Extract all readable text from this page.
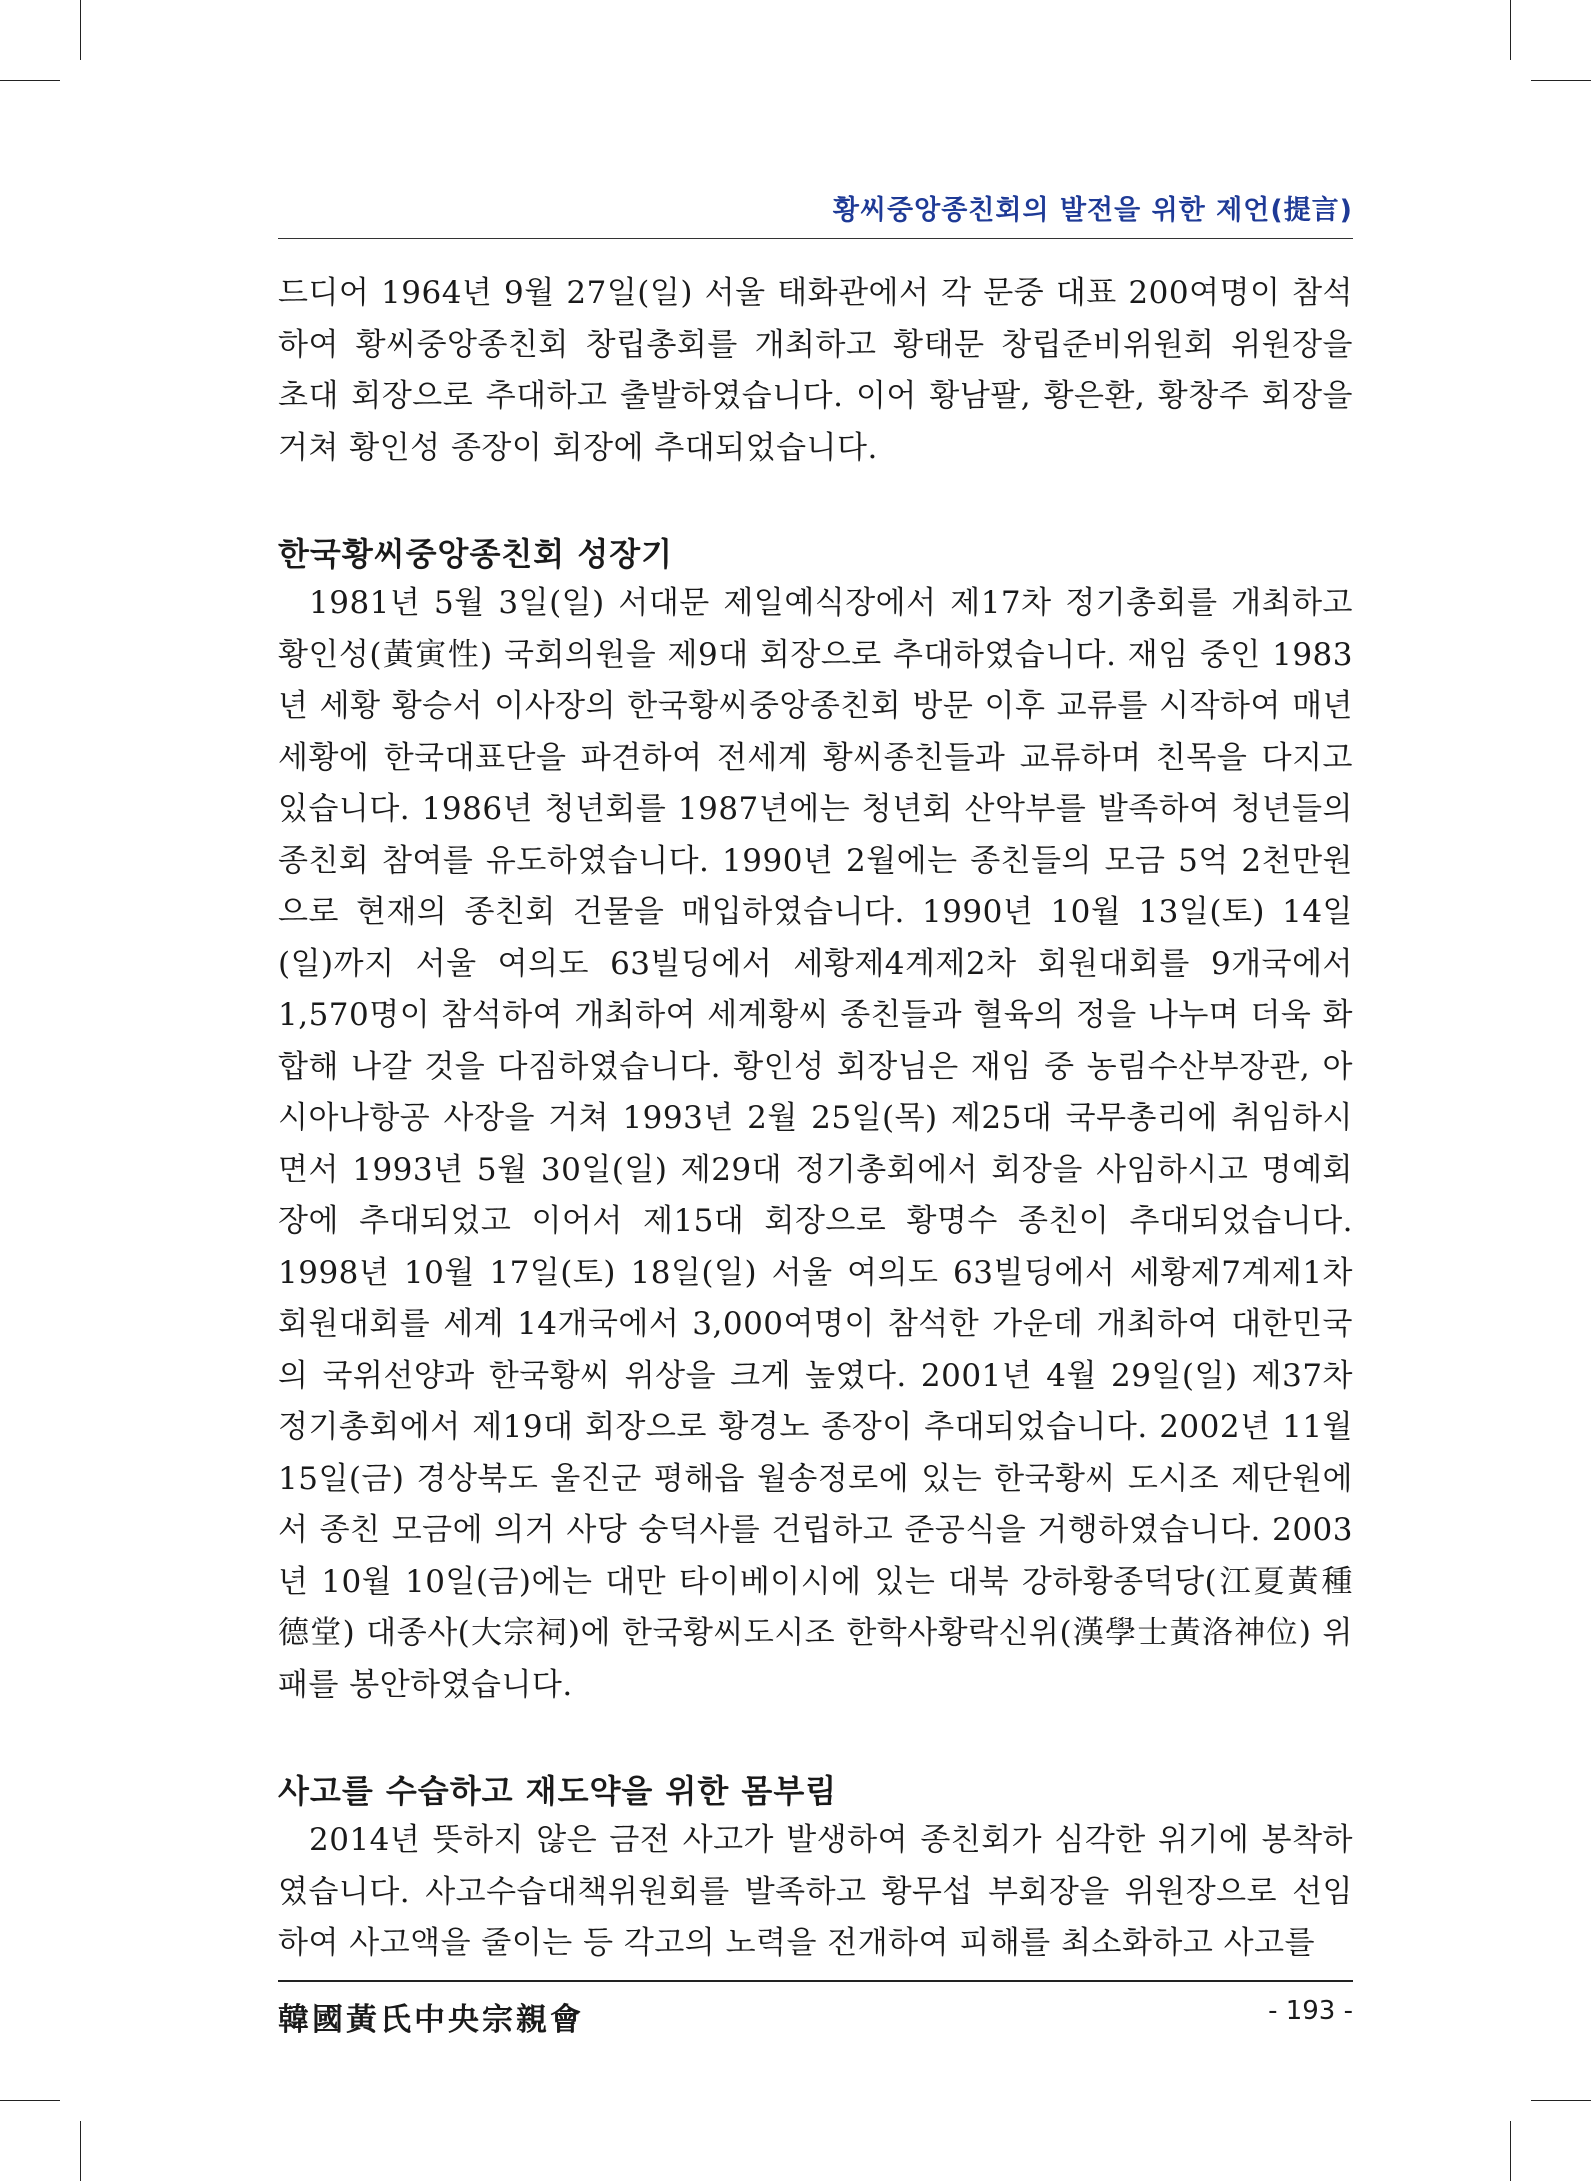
황씨중앙종친회의 발전을 위한 제언(提言)

드디어 1964년 9월 27일(일) 서울 태화관에서 각 문중 대표 200여명이 참석하여 황씨중앙종친회 창립총회를 개최하고 황태문 창립준비위원회 위원장을 초대 회장으로 추대하고 출발하였습니다. 이어 황남팔, 황은환, 황창주 회장을 거쳐 황인성 종장이 회장에 추대되었습니다.

한국황씨중앙종친회 성장기

1981년 5월 3일(일) 서대문 제일예식장에서 제17차 정기총회를 개최하고 황인성(黃寅性) 국회의원을 제9대 회장으로 추대하였습니다. 재임 중인 1983년 세황 황승서 이사장의 한국황씨중앙종친회 방문 이후 교류를 시작하여 매년 세황에 한국대표단을 파견하여 전세계 황씨종친들과 교류하며 친목을 다지고 있습니다. 1986년 청년회를 1987년에는 청년회 산악부를 발족하여 청년들의 종친회 참여를 유도하였습니다. 1990년 2월에는 종친들의 모금 5억 2천만원으로 현재의 종친회 건물을 매입하였습니다. 1990년 10월 13일(토) 14일(일)까지 서울 여의도 63빌딩에서 세황제4계제2차 회원대회를 9개국에서 1,570명이 참석하여 개최하여 세계황씨 종친들과 혈육의 정을 나누며 더욱 화합해 나갈 것을 다짐하였습니다. 황인성 회장님은 재임 중 농림수산부장관, 아시아나항공 사장을 거쳐 1993년 2월 25일(목) 제25대 국무총리에 취임하시면서 1993년 5월 30일(일) 제29대 정기총회에서 회장을 사임하시고 명예회장에 추대되었고 이어서 제15대 회장으로 황명수 종친이 추대되었습니다. 1998년 10월 17일(토) 18일(일) 서울 여의도 63빌딩에서 세황제7계제1차 회원대회를 세계 14개국에서 3,000여명이 참석한 가운데 개최하여 대한민국의 국위선양과 한국황씨 위상을 크게 높였다. 2001년 4월 29일(일) 제37차 정기총회에서 제19대 회장으로 황경노 종장이 추대되었습니다. 2002년 11월 15일(금) 경상북도 울진군 평해읍 월송정로에 있는 한국황씨 도시조 제단원에서 종친 모금에 의거 사당 숭덕사를 건립하고 준공식을 거행하였습니다. 2003년 10월 10일(금)에는 대만 타이베이시에 있는 대북 강하황종덕당(江夏黃種德堂) 대종사(大宗祠)에 한국황씨도시조 한학사황락신위(漢學士黃洛神位) 위패를 봉안하였습니다.

사고를 수습하고 재도약을 위한 몸부림

2014년 뜻하지 않은 금전 사고가 발생하여 종친회가 심각한 위기에 봉착하였습니다. 사고수습대책위원회를 발족하고 황무섭 부회장을 위원장으로 선임하여 사고액을 줄이는 등 각고의 노력을 전개하여 피해를 최소화하고 사고를

韓國黃氏中央宗親會	- 193 -
